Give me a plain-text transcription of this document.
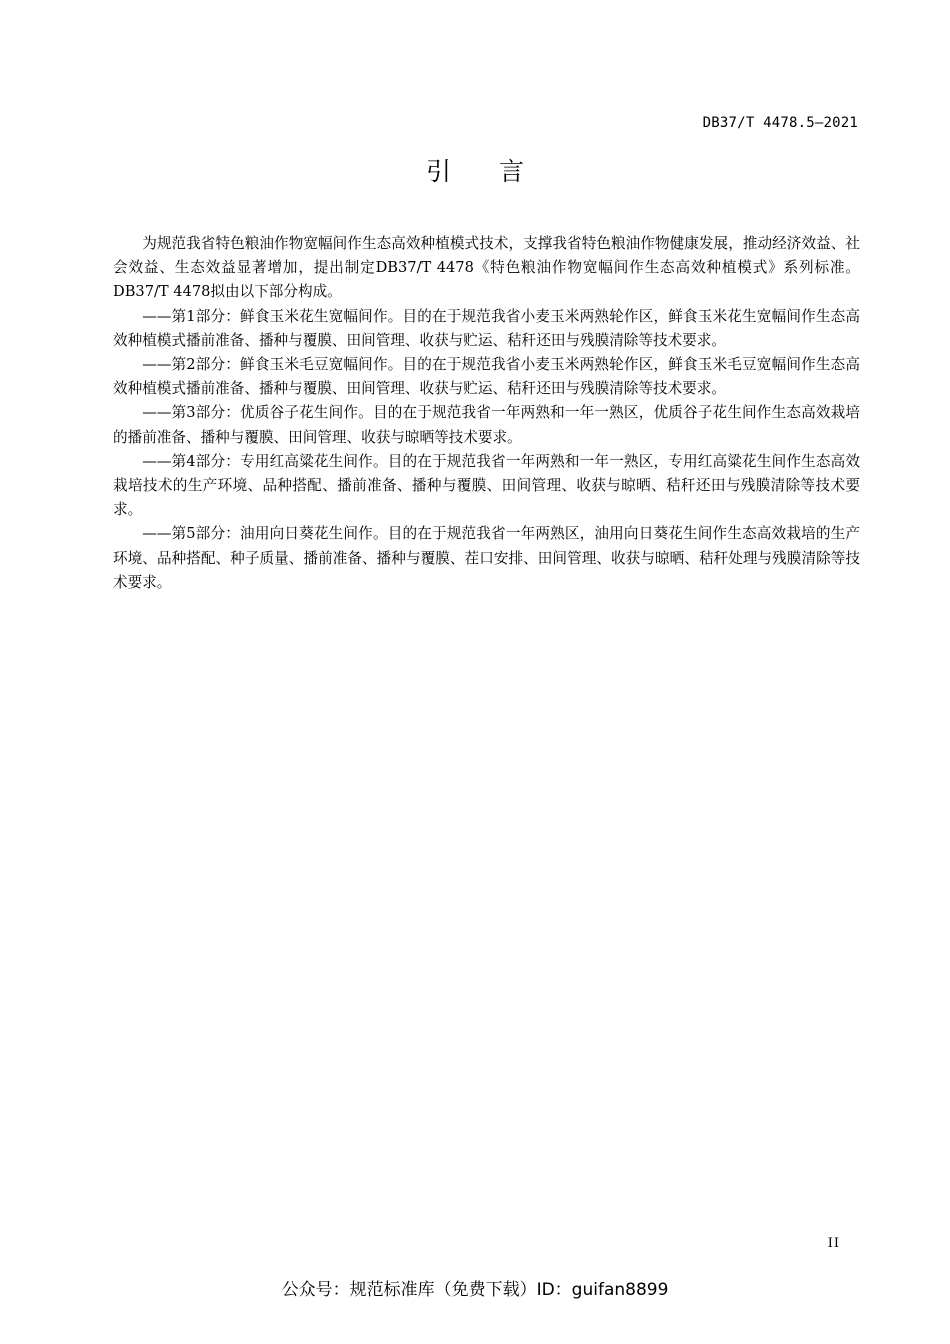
DB37/T 4478.5—2021
引言

为规范我省特色粮油作物宽幅间作生态高效种植模式技术，支撑我省特色粮油作物健康发展，推动经济效益、社会效益、生态效益显著增加，提出制定DB37/T 4478《特色粮油作物宽幅间作生态高效种植模式》系列标准。DB37/T 4478拟由以下部分构成。

——第1部分：鲜食玉米花生宽幅间作。目的在于规范我省小麦玉米两熟轮作区，鲜食玉米花生宽幅间作生态高效种植模式播前准备、播种与覆膜、田间管理、收获与贮运、秸秆还田与残膜清除等技术要求。

——第2部分：鲜食玉米毛豆宽幅间作。目的在于规范我省小麦玉米两熟轮作区，鲜食玉米毛豆宽幅间作生态高效种植模式播前准备、播种与覆膜、田间管理、收获与贮运、秸秆还田与残膜清除等技术要求。

——第3部分：优质谷子花生间作。目的在于规范我省一年两熟和一年一熟区，优质谷子花生间作生态高效栽培的播前准备、播种与覆膜、田间管理、收获与晾晒等技术要求。

——第4部分：专用红高粱花生间作。目的在于规范我省一年两熟和一年一熟区，专用红高粱花生间作生态高效栽培技术的生产环境、品种搭配、播前准备、播种与覆膜、田间管理、收获与晾晒、秸秆还田与残膜清除等技术要求。

——第5部分：油用向日葵花生间作。目的在于规范我省一年两熟区，油用向日葵花生间作生态高效栽培的生产环境、品种搭配、种子质量、播前准备、播种与覆膜、茬口安排、田间管理、收获与晾晒、秸秆处理与残膜清除等技术要求。

II
公众号：规范标准库（免费下载）ID：guifan8899
